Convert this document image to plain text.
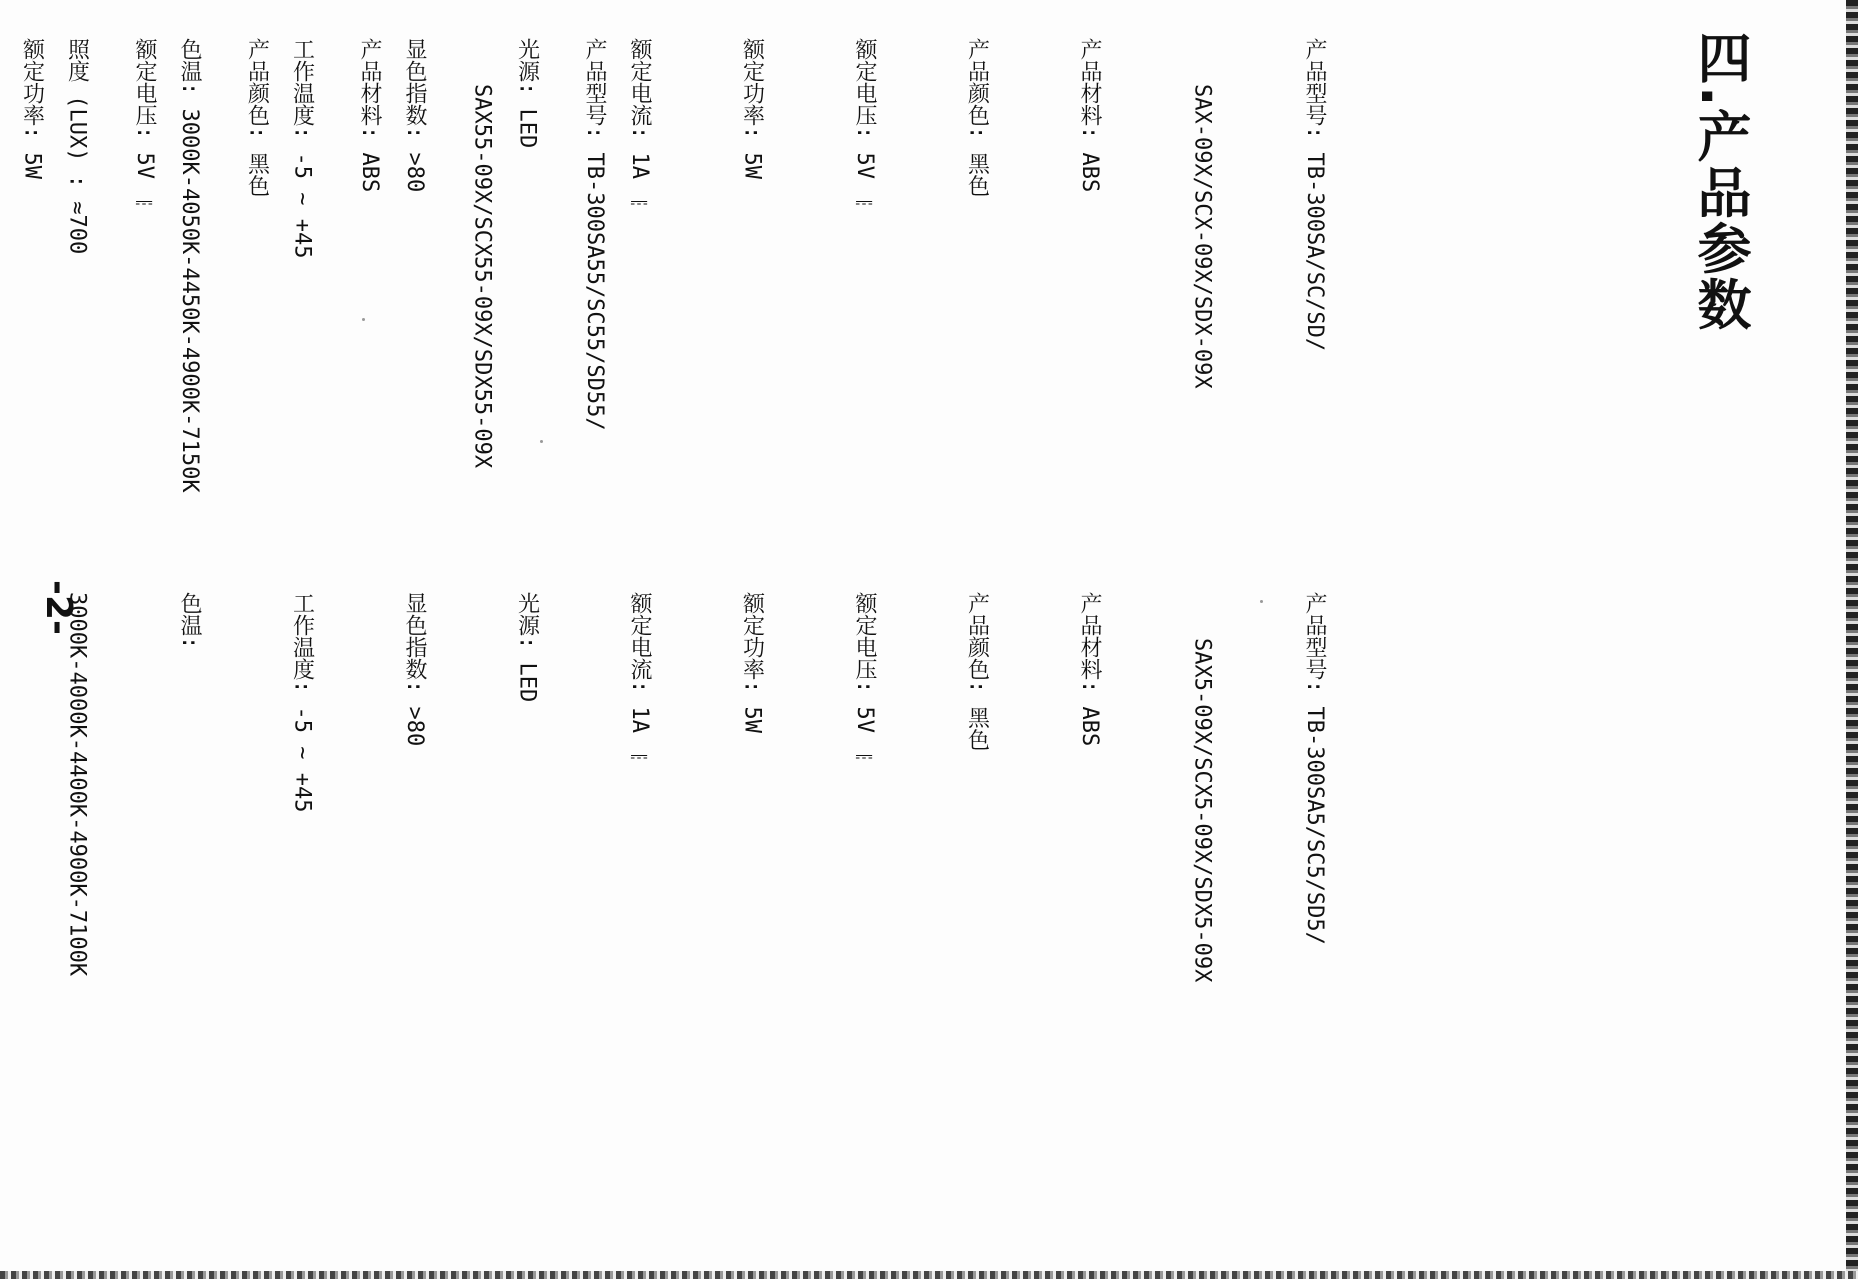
四.产品参数

产品型号: TB-300SA/SC/SD/

SAX-09X/SCX-09X/SDX-09X

产品材料: ABS

产品颜色: 黑色

额定电压: 5V ⎓

额定功率: 5W

额定电流: 1A ⎓

光源: LED

显色指数: >80

工作温度: -5 ~ +45

色温: 3000K-4050K-4450K-4900K-7150K

照度 (LUX) : ≈700

	产品型号: TB-300SA55/SC55/SD55/

SAX55-09X/SCX55-09X/SDX55-09X

产品材料: ABS

产品颜色: 黑色

额定电压: 5V ⎓

额定功率: 5W

产品型号: TB-300SA5/SC5/SD5/

SAX5-09X/SCX5-09X/SDX5-09X

产品材料: ABS

产品颜色: 黑色

额定电压: 5V ⎓

额定功率: 5W

额定电流: 1A ⎓

光源: LED

显色指数: >80

工作温度: -5 ~ +45

色温:

3000K-4000K-4400K-4900K-7100K

-2-
